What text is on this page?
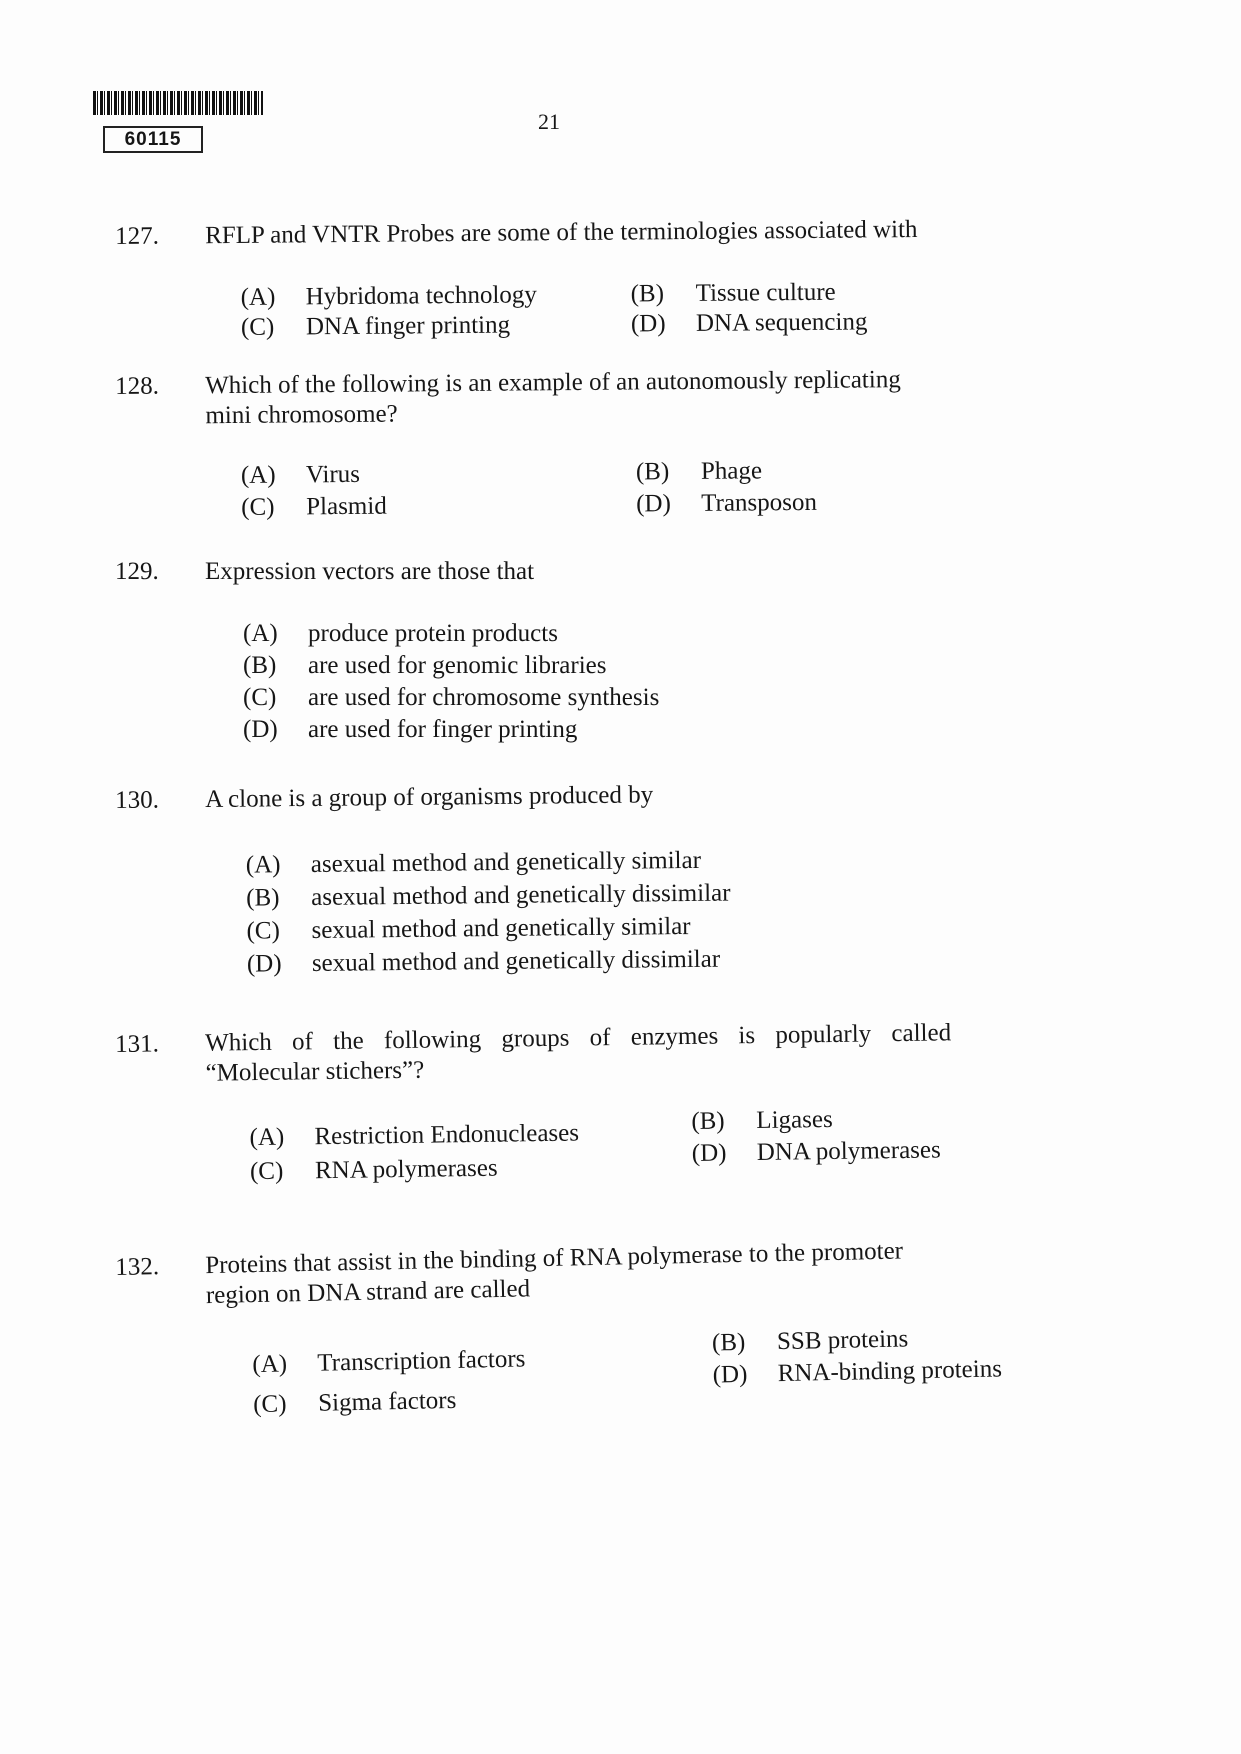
60115
21
127. RFLP and VNTR Probes are some of the terminologies associated with
(A) Hybridoma technology	(B) Tissue culture
(C) DNA finger printing	(D) DNA sequencing
128. Which of the following is an example of an autonomously replicating
mini chromosome?
(A) Virus	(B) Phage
(C) Plasmid	(D) Transposon
129. Expression vectors are those that
(A) produce protein products
(B) are used for genomic libraries
(C) are used for chromosome synthesis
(D) are used for finger printing
130. A clone is a group of organisms produced by
(A) asexual method and genetically similar
(B) asexual method and genetically dissimilar
(C) sexual method and genetically similar
(D) sexual method and genetically dissimilar
131. Which of the following groups of enzymes is popularly called
“Molecular stichers”?
(A) Restriction Endonucleases	(B) Ligases
(C) RNA polymerases
(D) DNA polymerases
132. Proteins that assist in the binding of RNA polymerase to the promoter
region on DNA strand are called
(A) Transcription factors
(B) SSB proteins
(C) Sigma factors
(D) RNA-binding proteins
